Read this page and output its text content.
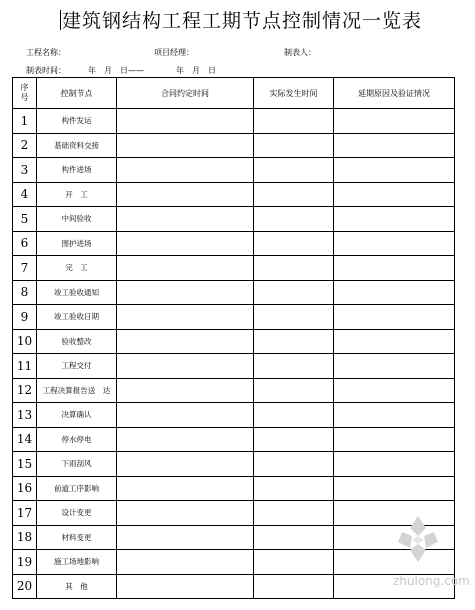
建筑钢结构工程工期节点控制情况一览表
工程名称：	项目经理：	制表人：
制表时间：	年　月　日——	年　月　日
序号	控制节点	合同约定时间	实际发生时间	延期原因及验证情况
1	构件发运			
2	基础资料交接			
3	构件进场			
4	开　工			
5	中间验收			
6	围护进场			
7	完　工			
8	竣工验收通知			
9	竣工验收日期			
10	验收整改			
11	工程交付			
12	工程决算报告送　达			
13	决算确认			
14	停水停电			
15	下雨刮风			
16	前道工序影响			
17	设计变更			
18	材料变更			
19	施工场地影响			
20	其　他				zhulong.com
